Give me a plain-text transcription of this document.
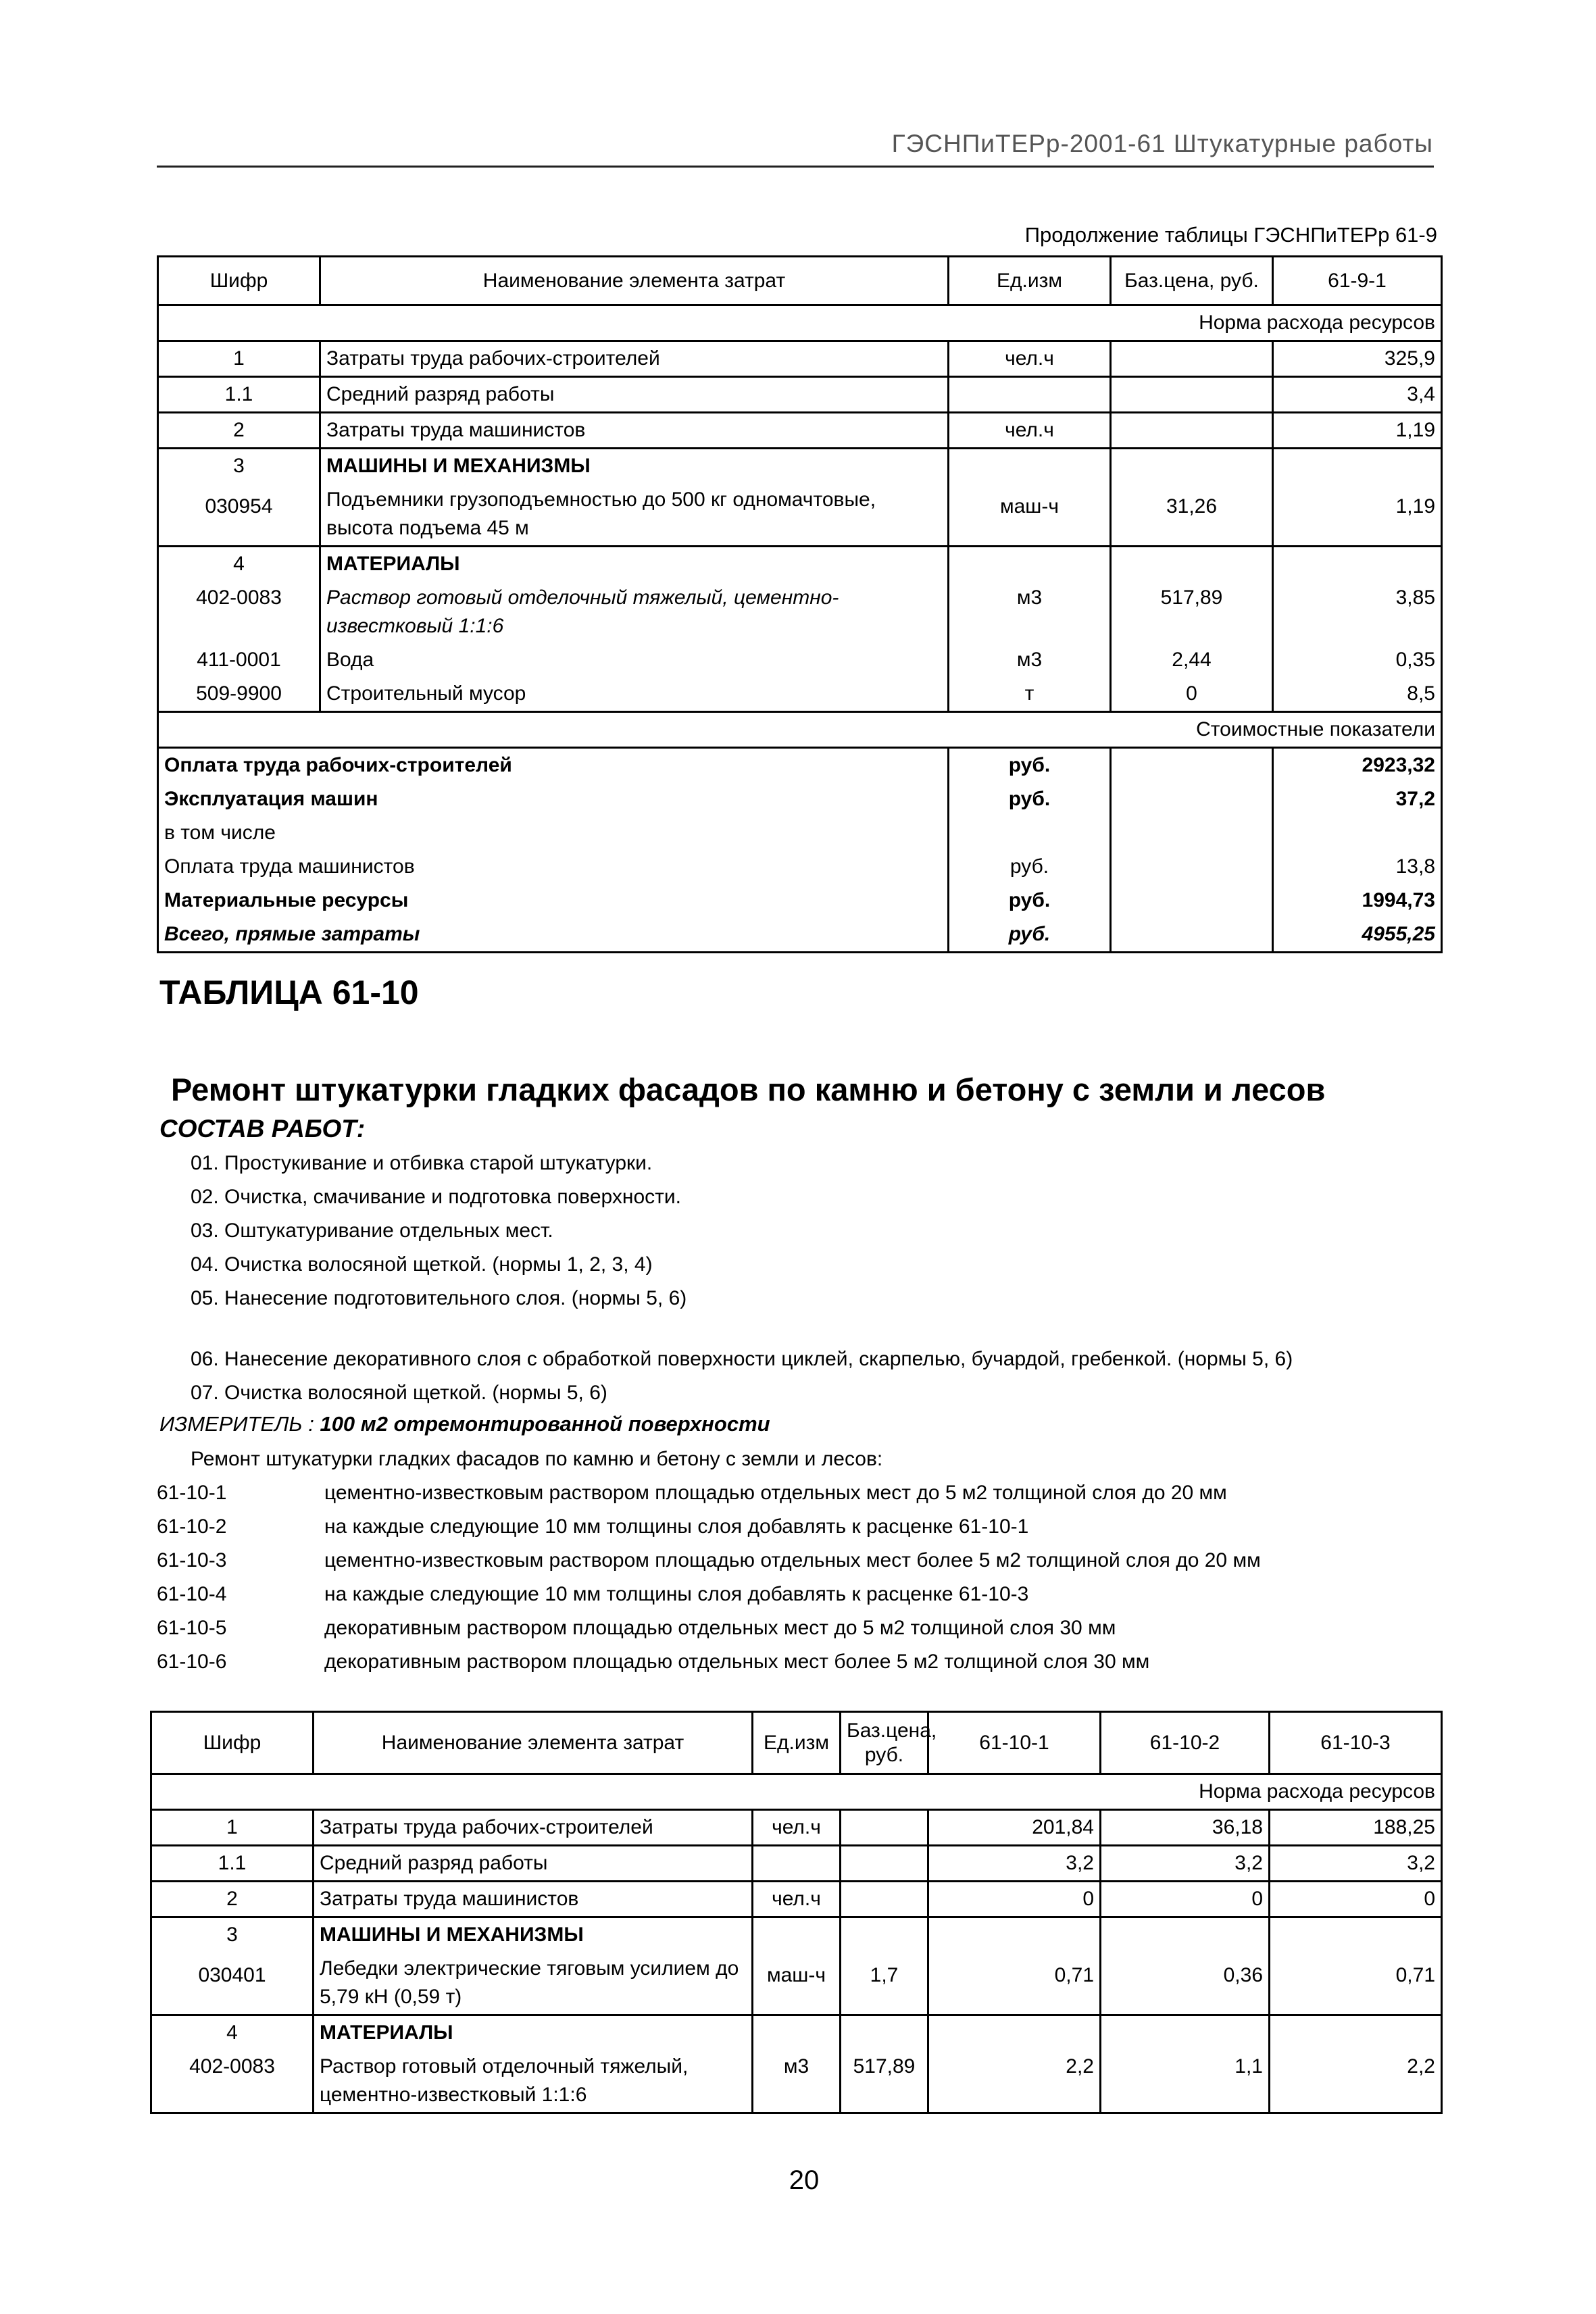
ГЭСНПиТЕРр-2001-61 Штукатурные работы
Продолжение таблицы ГЭСНПиТЕРр 61-9
Шифр	Наименование элемента затрат	Ед.изм	Баз.цена, руб.	61-9-1
Норма расхода ресурсов				
1	Затраты труда рабочих-строителей	чел.ч		325,9
1.1	Средний разряд работы			3,4
2	Затраты труда машинистов	чел.ч		1,19
3	МАШИНЫ И МЕХАНИЗМЫ			
030954	Подъемники грузоподъемностью до 500 кг одномачтовые, высота подъема 45 м	маш-ч	31,26	1,19
4	МАТЕРИАЛЫ			
402-0083	Раствор готовый отделочный тяжелый, цементно-известковый 1:1:6	м3	517,89	3,85
411-0001	Вода	м3	2,44	0,35
509-9900	Строительный мусор	т	0	8,5
Стоимостные показатели				
Оплата труда рабочих-строителей		руб.		2923,32
Эксплуатация машин		руб.		37,2
в том числе				
Оплата труда машинистов		руб.		13,8
Материальные ресурсы		руб.		1994,73
Всего, прямые затраты		руб.		4955,25
ТАБЛИЦА 61-10
Ремонт штукатурки гладких фасадов по камню и бетону с земли и лесов
СОСТАВ РАБОТ:
01. Простукивание и отбивка старой штукатурки.
02. Очистка, смачивание и подготовка поверхности.
03. Оштукатуривание отдельных мест.
04. Очистка волосяной щеткой. (нормы 1, 2, 3, 4)
05. Нанесение подготовительного слоя. (нормы 5, 6)
06. Нанесение декоративного слоя с обработкой поверхности циклей, скарпелью, бучардой, гребенкой. (нормы 5, 6)
07. Очистка волосяной щеткой. (нормы 5, 6)
ИЗМЕРИТЕЛЬ : 100 м2 отремонтированной поверхности
Ремонт штукатурки гладких фасадов по камню и бетону с земли и лесов:
61-10-1	цементно-известковым раствором площадью отдельных мест до 5 м2 толщиной слоя до 20 мм
61-10-2	на каждые следующие 10 мм толщины слоя добавлять к расценке 61-10-1
61-10-3	цементно-известковым раствором площадью отдельных мест более 5 м2 толщиной слоя до 20 мм
61-10-4	на каждые следующие 10 мм толщины слоя добавлять к расценке 61-10-3
61-10-5	декоративным раствором площадью отдельных мест до 5 м2 толщиной слоя 30 мм
61-10-6	декоративным раствором площадью отдельных мест более 5 м2 толщиной слоя 30 мм
Шифр	Наименование элемента затрат	Ед.изм	Баз.цена, руб.	61-10-1	61-10-2	61-10-3
Норма расхода ресурсов						
1	Затраты труда рабочих-строителей	чел.ч		201,84	36,18	188,25
1.1	Средний разряд работы			3,2	3,2	3,2
2	Затраты труда машинистов	чел.ч		0	0	0
3	МАШИНЫ И МЕХАНИЗМЫ					
030401	Лебедки электрические тяговым усилием до 5,79 кН (0,59 т)	маш-ч	1,7	0,71	0,36	0,71
4	МАТЕРИАЛЫ					
402-0083	Раствор готовый отделочный тяжелый, цементно-известковый 1:1:6	м3	517,89	2,2	1,1	2,2
20
